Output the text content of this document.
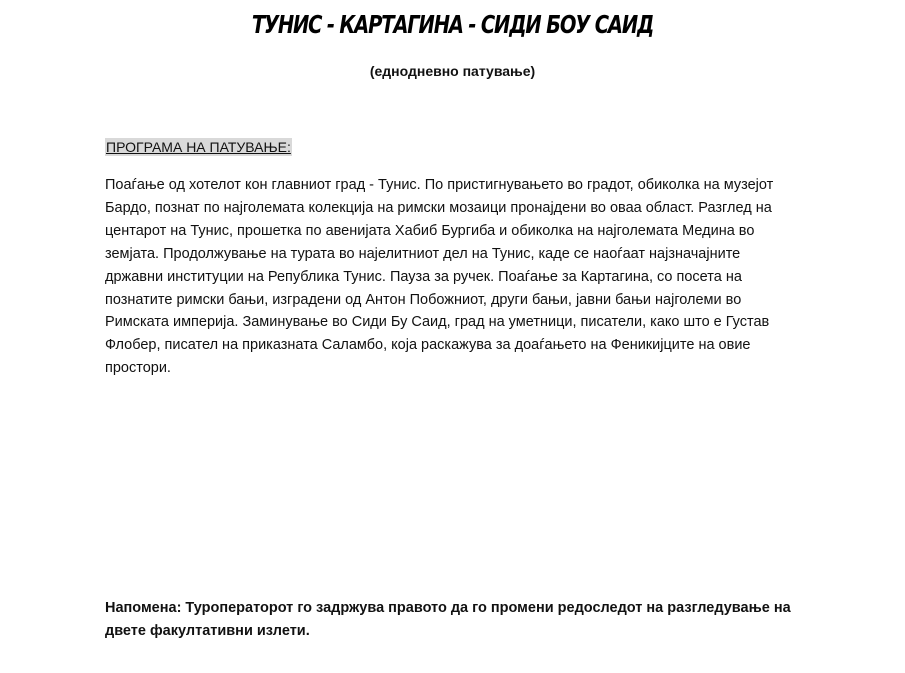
ТУНИС - КАРТАГИНА - СИДИ БОУ САИД
(еднодневно патување)
ПРОГРАМА НА ПАТУВАЊЕ:
Поаѓање од хотелот кон главниот град - Тунис. По пристигнувањето во градот, обиколка на музејот
Бардо, познат по најголемата колекција на римски мозаици пронајдени во оваа област. Разглед на
центарот на Тунис, прошетка по авенијата Хабиб Бургиба и обиколка на најголемата Медина во
земјата. Продолжување на турата во најелитниот дел на Тунис, каде се наоѓаат најзначајните
државни институции на Република Тунис. Пауза за ручек. Поаѓање за Картагина, со посета на
познатите римски бањи, изградени од Антон Побожниот, други бањи, јавни бањи најголеми во
Римската империја. Заминување во Сиди Бу Саид, град на уметници, писатели, како што е Густав
Флобер, писател на приказната Саламбо, која раскажува за доаѓањето на Феникијците на овие
простори.
Напомена: Туроператорот го задржува правото да го промени редоследот на разгледување на
двете факултативни излети.
